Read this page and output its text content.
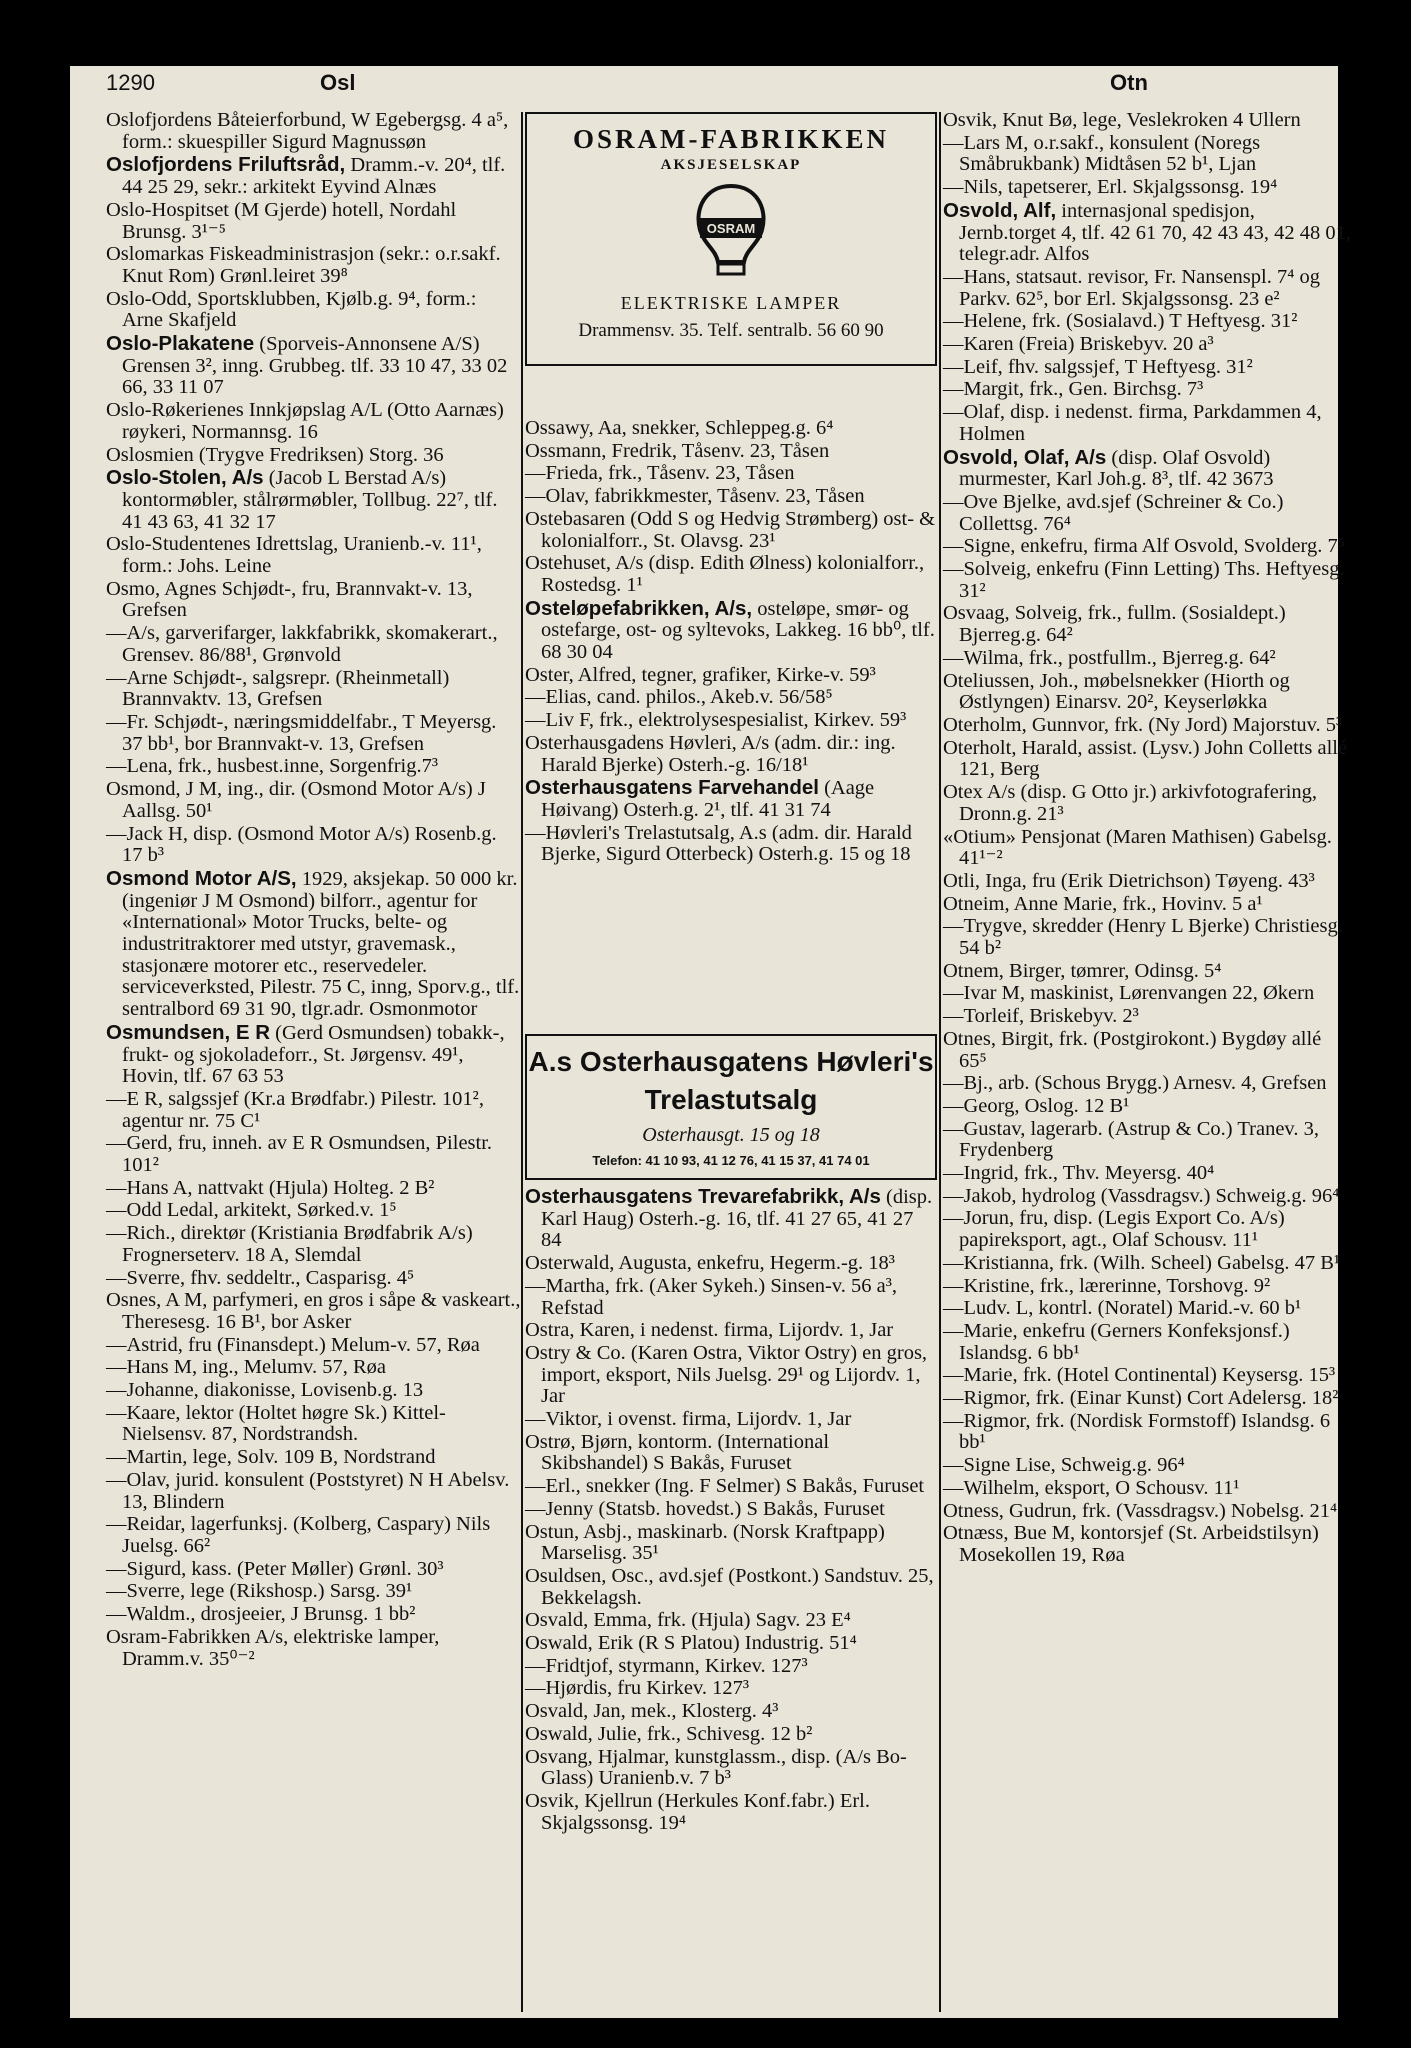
1290	Osl	Otn
Oslofjordens Båteierforbund, W Egebergsg. 4 a⁵, form.: skuespiller Sigurd Magnussøn
Oslofjordens Friluftsråd, Dramm.-v. 20⁴, tlf. 44 25 29, sekr.: arkitekt Eyvind Alnæs
Oslo-Hospitset (M Gjerde) hotell, Nordahl Brunsg. 3¹⁻⁵
Oslomarkas Fiskeadministrasjon (sekr.: o.r.sakf. Knut Rom) Grønl.leiret 39⁸
Oslo-Odd, Sportsklubben, Kjølb.g. 9⁴, form.: Arne Skafjeld
Oslo-Plakatene (Sporveis-Annonsene A/S) Grensen 3², inng. Grubbeg. tlf. 33 10 47, 33 02 66, 33 11 07
Oslo-Røkerienes Innkjøpslag A/L (Otto Aarnæs) røykeri, Normannsg. 16
Oslosmien (Trygve Fredriksen) Storg. 36
Oslo-Stolen, A/s (Jacob L Berstad A/s) kontormøbler, stålrørmøbler, Tollbug. 22⁷, tlf. 41 43 63, 41 32 17
Oslo-Studentenes Idrettslag, Uranienb.-v. 11¹, form.: Johs. Leine
Osmo, Agnes Schjødt-, fru, Brannvakt-v. 13, Grefsen
—A/s, garverifarger, lakkfabrikk, skomakerart., Grensev. 86/88¹, Grønvold
—Arne Schjødt-, salgsrepr. (Rheinmetall) Brannvaktv. 13, Grefsen
—Fr. Schjødt-, næringsmiddelfabr., T Meyersg. 37 bb¹, bor Brannvakt-v. 13, Grefsen
—Lena, frk., husbest.inne, Sorgenfrig.7³
Osmond, J M, ing., dir. (Osmond Motor A/s) J Aallsg. 50¹
—Jack H, disp. (Osmond Motor A/s) Rosenb.g. 17 b³
Osmond Motor A/S, 1929, aksjekap. 50 000 kr. (ingeniør J M Osmond) bilforr., agentur for «International» Motor Trucks, belte- og industritraktorer med utstyr, gravemask., stasjonære motorer etc., reservedeler. serviceverksted, Pilestr. 75 C, inng, Sporv.g., tlf. sentralbord 69 31 90, tlgr.adr. Osmonmotor
Osmundsen, E R (Gerd Osmundsen) tobakk-, frukt- og sjokoladeforr., St. Jørgensv. 49¹, Hovin, tlf. 67 63 53
—E R, salgssjef (Kr.a Brødfabr.) Pilestr. 101², agentur nr. 75 C¹
—Gerd, fru, inneh. av E R Osmundsen, Pilestr. 101²
—Hans A, nattvakt (Hjula) Holteg. 2 B²
—Odd Ledal, arkitekt, Sørked.v. 1⁵
—Rich., direktør (Kristiania Brødfabrik A/s) Frognerseterv. 18 A, Slemdal
—Sverre, fhv. seddeltr., Casparisg. 4⁵
Osnes, A M, parfymeri, en gros i såpe & vaskeart., Theresesg. 16 B¹, bor Asker
—Astrid, fru (Finansdept.) Melum-v. 57, Røa
—Hans M, ing., Melumv. 57, Røa
—Johanne, diakonisse, Lovisenb.g. 13
—Kaare, lektor (Holtet høgre Sk.) Kittel-Nielsensv. 87, Nordstrandsh.
—Martin, lege, Solv. 109 B, Nordstrand
—Olav, jurid. konsulent (Poststyret) N H Abelsv. 13, Blindern
—Reidar, lagerfunksj. (Kolberg, Caspary) Nils Juelsg. 66²
—Sigurd, kass. (Peter Møller) Grønl. 30³
—Sverre, lege (Rikshosp.) Sarsg. 39¹
—Waldm., drosjeeier, J Brunsg. 1 bb²
Osram-Fabrikken A/s, elektriske lamper, Dramm.v. 35⁰⁻²
OSRAM-FABRIKKEN
AKSJESELSKAP
OSRAM
ELEKTRISKE LAMPER
Drammensv. 35. Telf. sentralb. 56 60 90
Ossawy, Aa, snekker, Schleppeg.g. 6⁴
Ossmann, Fredrik, Tåsenv. 23, Tåsen
—Frieda, frk., Tåsenv. 23, Tåsen
—Olav, fabrikkmester, Tåsenv. 23, Tåsen
Ostebasaren (Odd S og Hedvig Strømberg) ost- & kolonialforr., St. Olavsg. 23¹
Ostehuset, A/s (disp. Edith Ølness) kolonialforr., Rostedsg. 1¹
Osteløpefabrikken, A/s, osteløpe, smør- og ostefarge, ost- og syltevoks, Lakkeg. 16 bb⁰, tlf. 68 30 04
Oster, Alfred, tegner, grafiker, Kirke-v. 59³
—Elias, cand. philos., Akeb.v. 56/58⁵
—Liv F, frk., elektrolysespesialist, Kirkev. 59³
Osterhausgadens Høvleri, A/s (adm. dir.: ing. Harald Bjerke) Osterh.-g. 16/18¹
Osterhausgatens Farvehandel (Aage Høivang) Osterh.g. 2¹, tlf. 41 31 74
—Høvleri's Trelastutsalg, A.s (adm. dir. Harald Bjerke, Sigurd Otterbeck) Osterh.g. 15 og 18
A.s Osterhausgatens Høvleri's
Trelastutsalg
Osterhausgt. 15 og 18
Telefon: 41 10 93, 41 12 76, 41 15 37, 41 74 01
Osterhausgatens Trevarefabrikk, A/s (disp. Karl Haug) Osterh.-g. 16, tlf. 41 27 65, 41 27 84
Osterwald, Augusta, enkefru, Hegerm.-g. 18³
—Martha, frk. (Aker Sykeh.) Sinsen-v. 56 a³, Refstad
Ostra, Karen, i nedenst. firma, Lijordv. 1, Jar
Ostry & Co. (Karen Ostra, Viktor Ostry) en gros, import, eksport, Nils Juelsg. 29¹ og Lijordv. 1, Jar
—Viktor, i ovenst. firma, Lijordv. 1, Jar
Ostrø, Bjørn, kontorm. (International Skibshandel) S Bakås, Furuset
—Erl., snekker (Ing. F Selmer) S Bakås, Furuset
—Jenny (Statsb. hovedst.) S Bakås, Furuset
Ostun, Asbj., maskinarb. (Norsk Kraftpapp) Marselisg. 35¹
Osuldsen, Osc., avd.sjef (Postkont.) Sandstuv. 25, Bekkelagsh.
Osvald, Emma, frk. (Hjula) Sagv. 23 E⁴
Oswald, Erik (R S Platou) Industrig. 51⁴
—Fridtjof, styrmann, Kirkev. 127³
—Hjørdis, fru Kirkev. 127³
Osvald, Jan, mek., Klosterg. 4³
Oswald, Julie, frk., Schivesg. 12 b²
Osvang, Hjalmar, kunstglassm., disp. (A/s Bo-Glass) Uranienb.v. 7 b³
Osvik, Kjellrun (Herkules Konf.fabr.) Erl. Skjalgssonsg. 19⁴
Osvik, Knut Bø, lege, Veslekroken 4 Ullern
—Lars M, o.r.sakf., konsulent (Noregs Småbrukbank) Midtåsen 52 b¹, Ljan
—Nils, tapetserer, Erl. Skjalgssonsg. 19⁴
Osvold, Alf, internasjonal spedisjon, Jernb.torget 4, tlf. 42 61 70, 42 43 43, 42 48 01, telegr.adr. Alfos
—Hans, statsaut. revisor, Fr. Nansenspl. 7⁴ og Parkv. 62⁵, bor Erl. Skjalgssonsg. 23 e²
—Helene, frk. (Sosialavd.) T Heftyesg. 31²
—Karen (Freia) Briskebyv. 20 a³
—Leif, fhv. salgssjef, T Heftyesg. 31²
—Margit, frk., Gen. Birchsg. 7³
—Olaf, disp. i nedenst. firma, Parkdammen 4, Holmen
Osvold, Olaf, A/s (disp. Olaf Osvold) murmester, Karl Joh.g. 8³, tlf. 42 3673
—Ove Bjelke, avd.sjef (Schreiner & Co.) Collettsg. 76⁴
—Signe, enkefru, firma Alf Osvold, Svolderg. 7⁵
—Solveig, enkefru (Finn Letting) Ths. Heftyesg. 31²
Osvaag, Solveig, frk., fullm. (Sosialdept.) Bjerreg.g. 64²
—Wilma, frk., postfullm., Bjerreg.g. 64²
Oteliussen, Joh., møbelsnekker (Hiorth og Østlyngen) Einarsv. 20², Keyserløkka
Oterholm, Gunnvor, frk. (Ny Jord) Majorstuv. 5³
Oterholt, Harald, assist. (Lysv.) John Colletts allé 121, Berg
Otex A/s (disp. G Otto jr.) arkivfotografering, Dronn.g. 21³
«Otium» Pensjonat (Maren Mathisen) Gabelsg. 41¹⁻²
Otli, Inga, fru (Erik Dietrichson) Tøyeng. 43³
Otneim, Anne Marie, frk., Hovinv. 5 a¹
—Trygve, skredder (Henry L Bjerke) Christiesg. 54 b²
Otnem, Birger, tømrer, Odinsg. 5⁴
—Ivar M, maskinist, Lørenvangen 22, Økern
—Torleif, Briskebyv. 2³
Otnes, Birgit, frk. (Postgirokont.) Bygdøy allé 65⁵
—Bj., arb. (Schous Brygg.) Arnesv. 4, Grefsen
—Georg, Oslog. 12 B¹
—Gustav, lagerarb. (Astrup & Co.) Tranev. 3, Frydenberg
—Ingrid, frk., Thv. Meyersg. 40⁴
—Jakob, hydrolog (Vassdragsv.) Schweig.g. 96⁴
—Jorun, fru, disp. (Legis Export Co. A/s) papireksport, agt., Olaf Schousv. 11¹
—Kristianna, frk. (Wilh. Scheel) Gabelsg. 47 B¹
—Kristine, frk., lærerinne, Torshovg. 9²
—Ludv. L, kontrl. (Noratel) Marid.-v. 60 b¹
—Marie, enkefru (Gerners Konfeksjonsf.) Islandsg. 6 bb¹
—Marie, frk. (Hotel Continental) Keysersg. 15³
—Rigmor, frk. (Einar Kunst) Cort Adelersg. 18²
—Rigmor, frk. (Nordisk Formstoff) Islandsg. 6 bb¹
—Signe Lise, Schweig.g. 96⁴
—Wilhelm, eksport, O Schousv. 11¹
Otness, Gudrun, frk. (Vassdragsv.) Nobelsg. 21⁴
Otnæss, Bue M, kontorsjef (St. Arbeidstilsyn) Mosekollen 19, Røa
